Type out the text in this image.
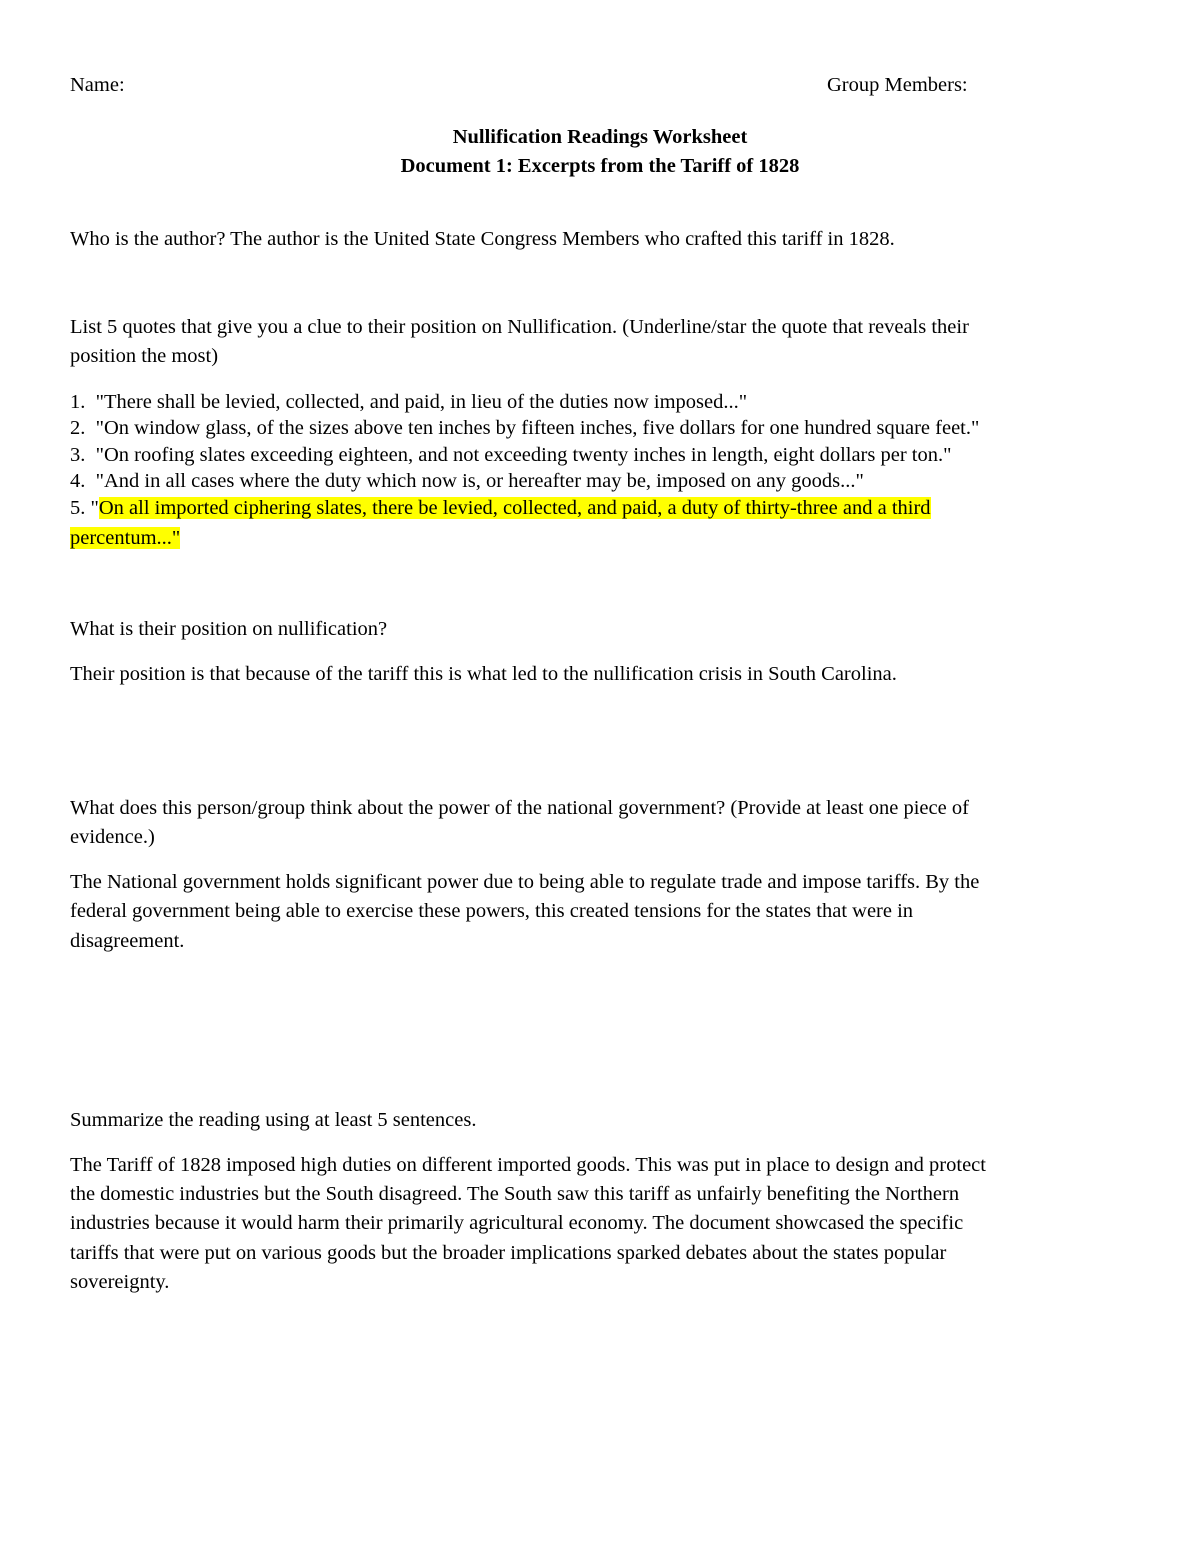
Name:	Group Members:
Nullification Readings Worksheet
Document 1: Excerpts from the Tariff of 1828
Who is the author? The author is the United State Congress Members who crafted this tariff in 1828.
List 5 quotes that give you a clue to their position on Nullification. (Underline/star the quote that reveals their
position the most)
1. "There shall be levied, collected, and paid, in lieu of the duties now imposed..."
2. "On window glass, of the sizes above ten inches by fifteen inches, five dollars for one hundred square feet."
3. "On roofing slates exceeding eighteen, and not exceeding twenty inches in length, eight dollars per ton."
4. "And in all cases where the duty which now is, or hereafter may be, imposed on any goods..."
5. "On all imported ciphering slates, there be levied, collected, and paid, a duty of thirty-three and a third
percentum..."
What is their position on nullification?
Their position is that because of the tariff this is what led to the nullification crisis in South Carolina.
What does this person/group think about the power of the national government? (Provide at least one piece of
evidence.)
The National government holds significant power due to being able to regulate trade and impose tariffs. By the
federal government being able to exercise these powers, this created tensions for the states that were in
disagreement.
Summarize the reading using at least 5 sentences.
The Tariff of 1828 imposed high duties on different imported goods. This was put in place to design and protect
the domestic industries but the South disagreed. The South saw this tariff as unfairly benefiting the Northern
industries because it would harm their primarily agricultural economy. The document showcased the specific
tariffs that were put on various goods but the broader implications sparked debates about the states popular
sovereignty.
